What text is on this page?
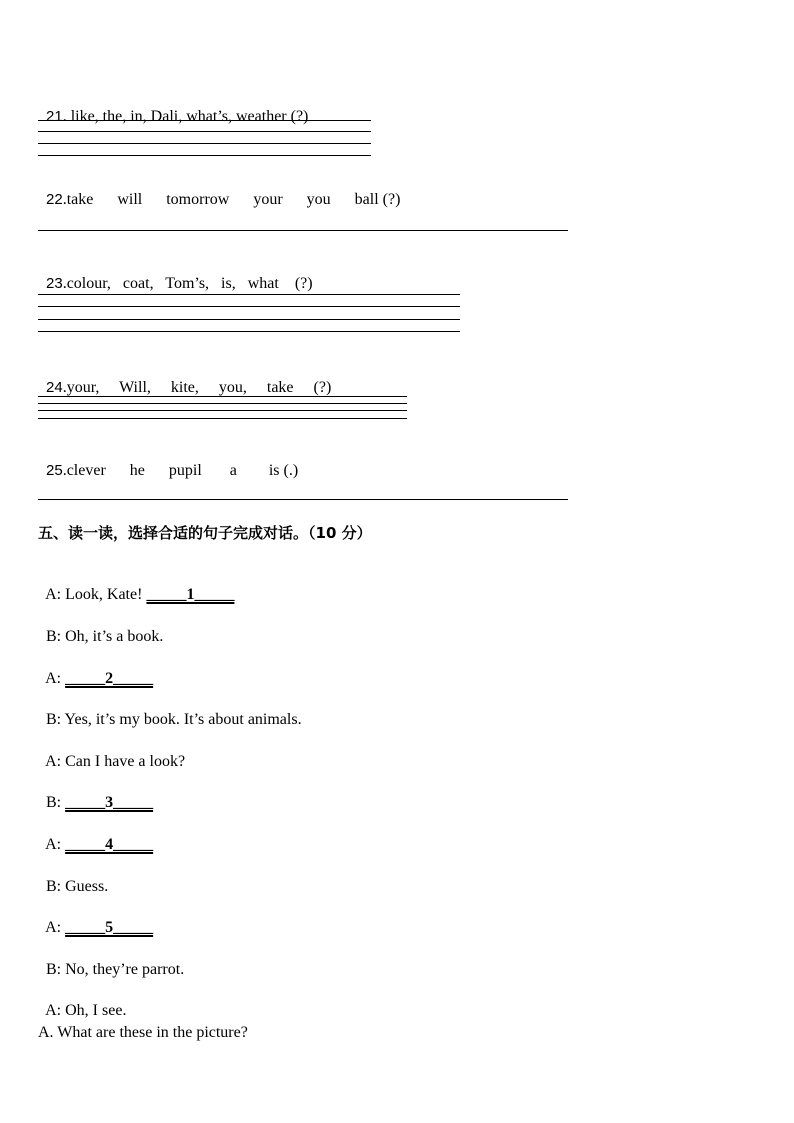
21. like, the, in, Dali, what’s, weather (?)

22.take      will      tomorrow      your      you      ball (?)

23.colour,   coat,   Tom’s,   is,   what    (?)

24.your,     Will,     kite,     you,     take     (?)

25.clever      he      pupil       a        is (.)

五、读一读，选择合适的句子完成对话。（10 分）

A: Look, Kate! _____1_____

B: Oh, it’s a book.

A: _____2_____

B: Yes, it’s my book. It’s about animals.

A: Can I have a look?

B: _____3_____

A: _____4_____

B: Guess.

A: _____5_____

B: No, they’re parrot.

A: Oh, I see.

A. What are these in the picture?
